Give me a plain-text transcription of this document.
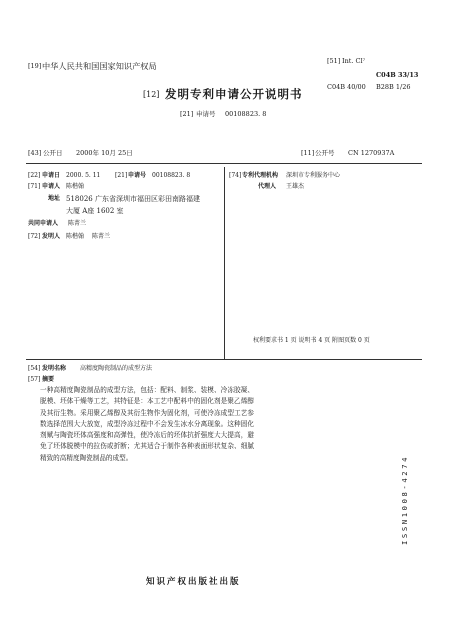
[19] 中华人民共和国国家知识产权局	[51] Int. Cl⁷
C04B 33/13
C04B 40/00 B28B 1/26
[12] 发明专利申请公开说明书
[21] 申请号 00108823. 8
[43] 公开日 2000年 10月 25日	[11] 公开号 CN 1270937A
[22] 申请日 2000. 5. 11 [21] 申请号 00108823. 8
[71] 申请人 陈楷翰
地址 518026 广东省深圳市福田区彩田南路福建
大厦 A座 1602 室
共同申请人 陈菁兰
[72] 发明人 陈楷翰 陈菁兰
[74] 专利代理机构 深圳市专利服务中心
代理人 王雄杰
权利要求书 1 页 说明书 4 页 附图页数 0 页
[54] 发明名称 高精度陶瓷制品的成型方法
[57] 摘要

一种高精度陶瓷制品的成型方法，包括：配料、制浆、装模、冷冻胶凝、脱模、坯体干燥等工艺，其特征是：本工艺中配料中的固化剂是聚乙烯醇及其衍生物。采用聚乙烯醇及其衍生物作为固化剂，可使冷冻成型工艺参数选择范围大大放宽，成型冷冻过程中不会发生冰水分离现象。这种固化剂赋与陶瓷坯体高强度和高弹性，使冷冻后的坯体抗折强度大大提高，避免了坯体脱模中的拉伤或折断；尤其适合于制作各种表面形状复杂、细腻精致的高精度陶瓷制品的成型。	ISSN1008-4274
知识产权出版社出版
